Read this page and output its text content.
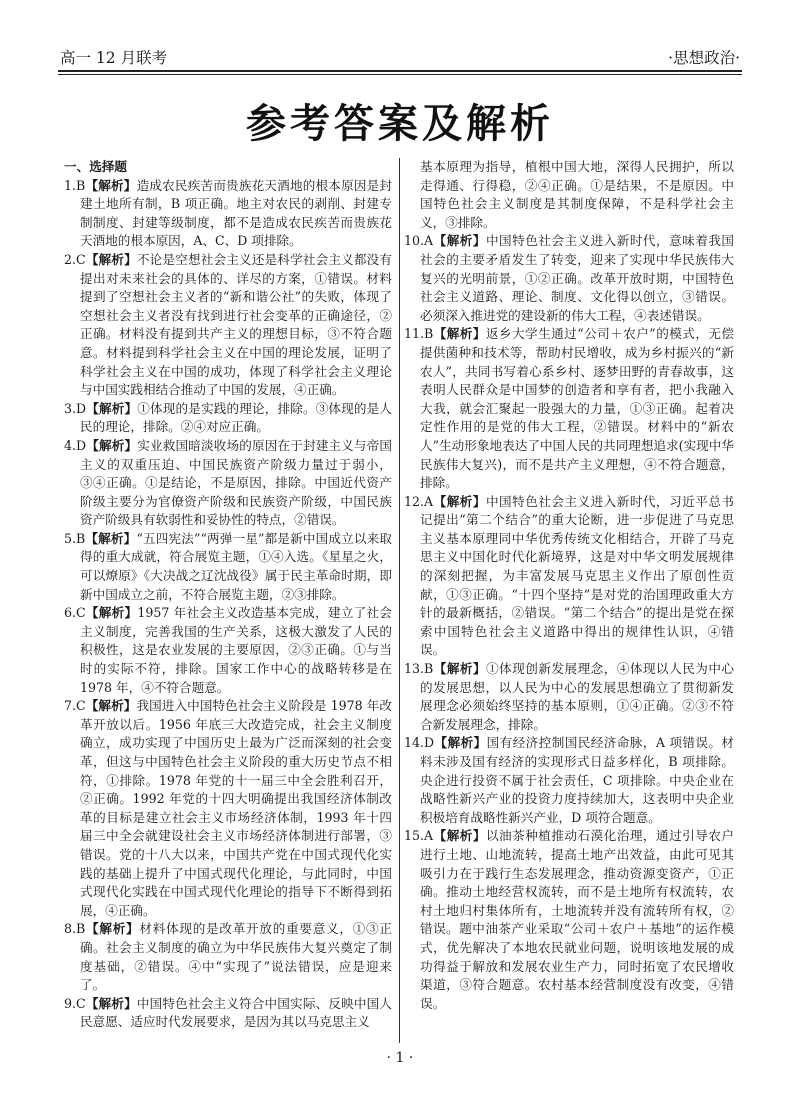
高一 12 月联考	·思想政治·
参考答案及解析

一、选择题

1.B【解析】造成农民疾苦而贵族花天酒地的根本原因是封建土地所有制，B 项正确。地主对农民的剥削、封建专制制度、封建等级制度，都不是造成农民疾苦而贵族花天酒地的根本原因，A、C、D 项排除。

2.C【解析】不论是空想社会主义还是科学社会主义都没有提出对未来社会的具体的、详尽的方案，①错误。材料提到了空想社会主义者的“新和谐公社”的失败，体现了空想社会主义者没有找到进行社会变革的正确途径，②正确。材料没有提到共产主义的理想目标，③不符合题意。材料提到科学社会主义在中国的理论发展，证明了科学社会主义在中国的成功，体现了科学社会主义理论与中国实践相结合推动了中国的发展，④正确。

3.D【解析】①体现的是实践的理论，排除。③体现的是人民的理论，排除。②④对应正确。

4.D【解析】实业救国暗淡收场的原因在于封建主义与帝国主义的双重压迫、中国民族资产阶级力量过于弱小，③④正确。①是结论，不是原因，排除。中国近代资产阶级主要分为官僚资产阶级和民族资产阶级，中国民族资产阶级具有软弱性和妥协性的特点，②错误。

5.B【解析】“五四宪法”“两弹一星”都是新中国成立以来取得的重大成就，符合展览主题，①④入选。《星星之火，可以燎原》《大决战之辽沈战役》属于民主革命时期，即新中国成立之前，不符合展览主题，②③排除。

6.C【解析】1957 年社会主义改造基本完成，建立了社会主义制度，完善我国的生产关系，这极大激发了人民的积极性，这是农业发展的主要原因，②③正确。①与当时的实际不符，排除。国家工作中心的战略转移是在 1978 年，④不符合题意。

7.C【解析】我国进入中国特色社会主义阶段是 1978 年改革开放以后。1956 年底三大改造完成，社会主义制度确立，成功实现了中国历史上最为广泛而深刻的社会变革，但这与中国特色社会主义阶段的重大历史节点不相符，①排除。1978 年党的十一届三中全会胜利召开，②正确。1992 年党的十四大明确提出我国经济体制改革的目标是建立社会主义市场经济体制，1993 年十四届三中全会就建设社会主义市场经济体制进行部署，③错误。党的十八大以来，中国共产党在中国式现代化实践的基础上提升了中国式现代化理论，与此同时，中国式现代化实践在中国式现代化理论的指导下不断得到拓展，④正确。

8.B【解析】材料体现的是改革开放的重要意义，①③正确。社会主义制度的确立为中华民族伟大复兴奠定了制度基础，②错误。④中“实现了”说法错误，应是迎来了。

9.C【解析】中国特色社会主义符合中国实际、反映中国人民意愿、适应时代发展要求，是因为其以马克思主义

基本原理为指导，植根中国大地，深得人民拥护，所以走得通、行得稳，②④正确。①是结果，不是原因。中国特色社会主义制度是其制度保障，不是科学社会主义，③排除。

10.A【解析】中国特色社会主义进入新时代，意味着我国社会的主要矛盾发生了转变，迎来了实现中华民族伟大复兴的光明前景，①②正确。改革开放时期，中国特色社会主义道路、理论、制度、文化得以创立，③错误。必须深入推进党的建设新的伟大工程，④表述错误。

11.B【解析】返乡大学生通过“公司＋农户”的模式，无偿提供菌种和技术等，帮助村民增收，成为乡村振兴的“新农人”，共同书写着心系乡村、逐梦田野的青春故事，这表明人民群众是中国梦的创造者和享有者，把小我融入大我，就会汇聚起一股强大的力量，①③正确。起着决定性作用的是党的伟大工程，②错误。材料中的“新农人”生动形象地表达了中国人民的共同理想追求(实现中华民族伟大复兴)，而不是共产主义理想，④不符合题意，排除。

12.A【解析】中国特色社会主义进入新时代，习近平总书记提出“第二个结合”的重大论断，进一步促进了马克思主义基本原理同中华优秀传统文化相结合，开辟了马克思主义中国化时代化新境界，这是对中华文明发展规律的深刻把握，为丰富发展马克思主义作出了原创性贡献，①③正确。“十四个坚持”是对党的治国理政重大方针的最新概括，②错误。“第二个结合”的提出是党在探索中国特色社会主义道路中得出的规律性认识，④错误。

13.B【解析】①体现创新发展理念，④体现以人民为中心的发展思想，以人民为中心的发展思想确立了贯彻新发展理念必须始终坚持的基本原则，①④正确。②③不符合新发展理念，排除。

14.D【解析】国有经济控制国民经济命脉，A 项错误。材料未涉及国有经济的实现形式日益多样化，B 项排除。央企进行投资不属于社会责任，C 项排除。中央企业在战略性新兴产业的投资力度持续加大，这表明中央企业积极培育战略性新兴产业，D 项符合题意。

15.A【解析】以油茶种植推动石漠化治理，通过引导农户进行土地、山地流转，提高土地产出效益，由此可见其吸引力在于践行生态发展理念，推动资源变资产，①正确。推动土地经营权流转，而不是土地所有权流转，农村土地归村集体所有，土地流转并没有流转所有权，②错误。题中油茶产业采取“公司＋农户＋基地”的运作模式，优先解决了本地农民就业问题，说明该地发展的成功得益于解放和发展农业生产力，同时拓宽了农民增收渠道，③符合题意。农村基本经营制度没有改变，④错误。

· 1 ·
